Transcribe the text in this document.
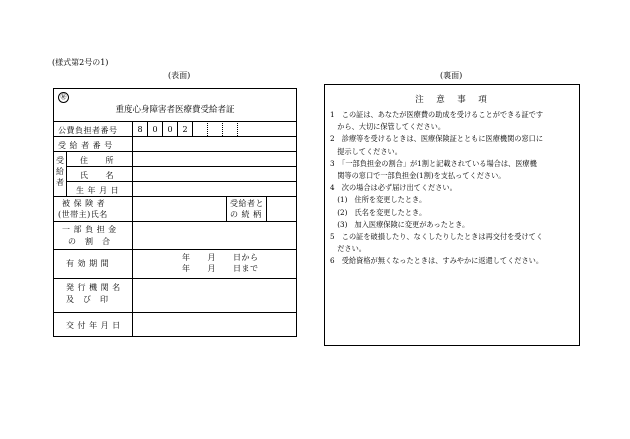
(様式第2号の1)
(表面)	(裏面)
㊙
重度心身障害者医療費受給者証
公費負担者番号	8	0	0	2
受 給 者 番 号
受給者
住　　所
氏　　名
生 年 月 日
被 保 険 者
(世帯主)氏名
受給者と
の 続 柄
一 部 負 担 金
の　割　合
有 効 期 間
年　　月　　日から
年　　月　　日まで
発 行 機 関 名
及　び　印
交 付 年 月 日
注　意　事　項
1　この証は、あなたが医療費の助成を受けることができる証です
　から、大切に保管してください。
2　診療等を受けるときは、医療保険証とともに医療機関の窓口に
　提示してください。
3　「一部負担金の割合」が1割と記載されている場合は、医療機
　関等の窓口で一部負担金(1割)を支払ってください。
4　次の場合は必ず届け出てください。
　(1)　住所を変更したとき。
　(2)　氏名を変更したとき。
　(3)　加入医療保険に変更があったとき。
5　この証を破損したり、なくしたりしたときは再交付を受けてく
　ださい。
6　受給資格が無くなったときは、すみやかに返還してください。
